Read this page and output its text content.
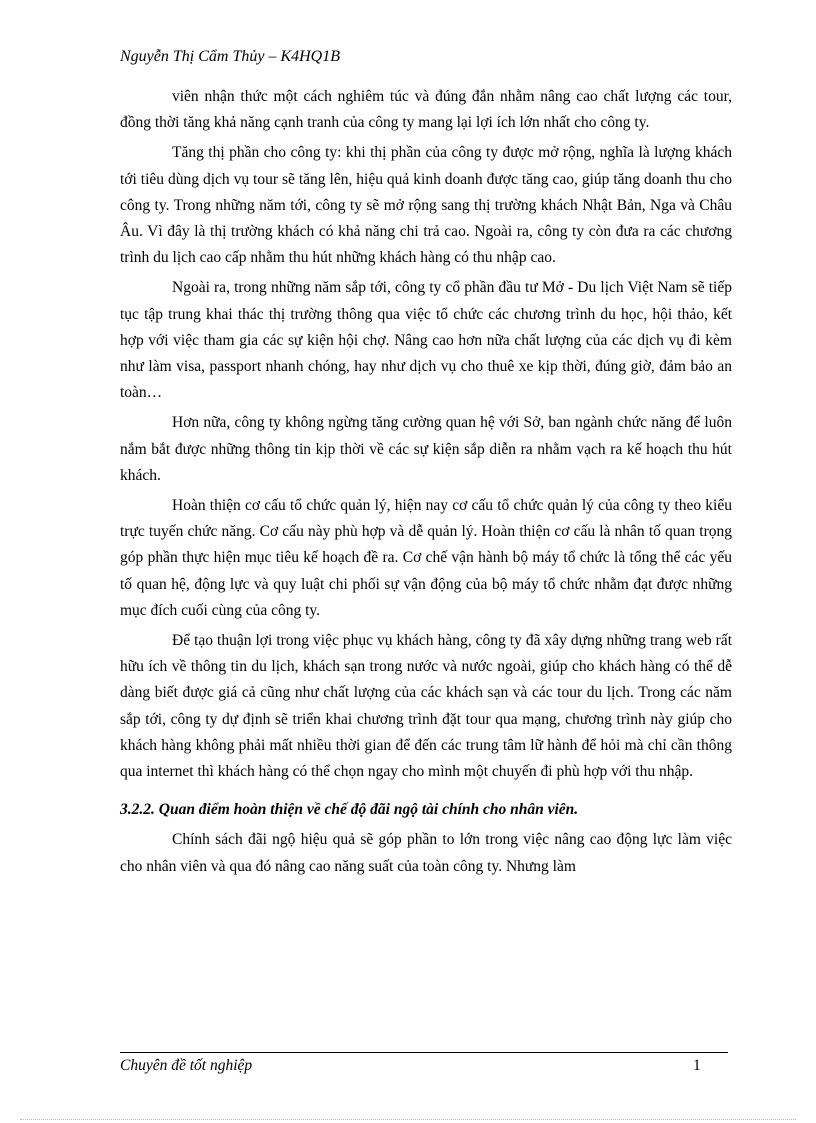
Nguyễn Thị Cẩm Thủy – K4HQ1B

viên nhận thức một cách nghiêm túc và đúng đắn nhằm nâng cao chất lượng các tour, đồng thời tăng khả năng cạnh tranh của công ty mang lại lợi ích lớn nhất cho công ty.

Tăng thị phần cho công ty: khi thị phần của công ty được mở rộng, nghĩa là lượng khách tới tiêu dùng dịch vụ tour sẽ tăng lên, hiệu quả kinh doanh được tăng cao, giúp tăng doanh thu cho công ty. Trong những năm tới, công ty sẽ mở rộng sang thị trường khách Nhật Bản, Nga và Châu Âu. Vì đây là thị trường khách có khả năng chi trả cao. Ngoài ra, công ty còn đưa ra các chương trình du lịch cao cấp nhằm thu hút những khách hàng có thu nhập cao.

Ngoài ra, trong những năm sắp tới, công ty cổ phần đầu tư Mở - Du lịch Việt Nam sẽ tiếp tục tập trung khai thác thị trường thông qua việc tổ chức các chương trình du học, hội thảo, kết hợp với việc tham gia các sự kiện hội chợ. Nâng cao hơn nữa chất lượng của các dịch vụ đi kèm như làm visa, passport nhanh chóng, hay như dịch vụ cho thuê xe kịp thời, đúng giờ, đảm bảo an toàn…

Hơn nữa, công ty không ngừng tăng cường quan hệ với Sở, ban ngành chức năng để luôn nắm bắt được những thông tin kịp thời về các sự kiện sắp diễn ra nhằm vạch ra kế hoạch thu hút khách.

Hoàn thiện cơ cấu tổ chức quản lý, hiện nay cơ cấu tổ chức quản lý của công ty theo kiểu trực tuyến chức năng. Cơ cấu này phù hợp và dễ quản lý. Hoàn thiện cơ cấu là nhân tố quan trọng góp phần thực hiện mục tiêu kế hoạch đề ra. Cơ chế vận hành bộ máy tổ chức là tổng thể các yếu tố quan hệ, động lực và quy luật chi phối sự vận động của bộ máy tổ chức nhằm đạt được những mục đích cuối cùng của công ty.

Để tạo thuận lợi trong việc phục vụ khách hàng, công ty đã xây dựng những trang web rất hữu ích về thông tin du lịch, khách sạn trong nước và nước ngoài, giúp cho khách hàng có thể dễ dàng biết được giá cả cũng như chất lượng của các khách sạn và các tour du lịch. Trong các năm sắp tới, công ty dự định sẽ triển khai chương trình đặt tour qua mạng, chương trình này giúp cho khách hàng không phải mất nhiều thời gian để đến các trung tâm lữ hành để hỏi mà chỉ cần thông qua internet thì khách hàng có thể chọn ngay cho mình một chuyến đi phù hợp với thu nhập.

3.2.2. Quan điểm hoàn thiện về chế độ đãi ngộ tài chính cho nhân viên.

Chính sách đãi ngộ hiệu quả sẽ góp phần to lớn trong việc nâng cao động lực làm việc cho nhân viên và qua đó nâng cao năng suất của toàn công ty. Nhưng làm

Chuyên đề tốt nghiệp	1
